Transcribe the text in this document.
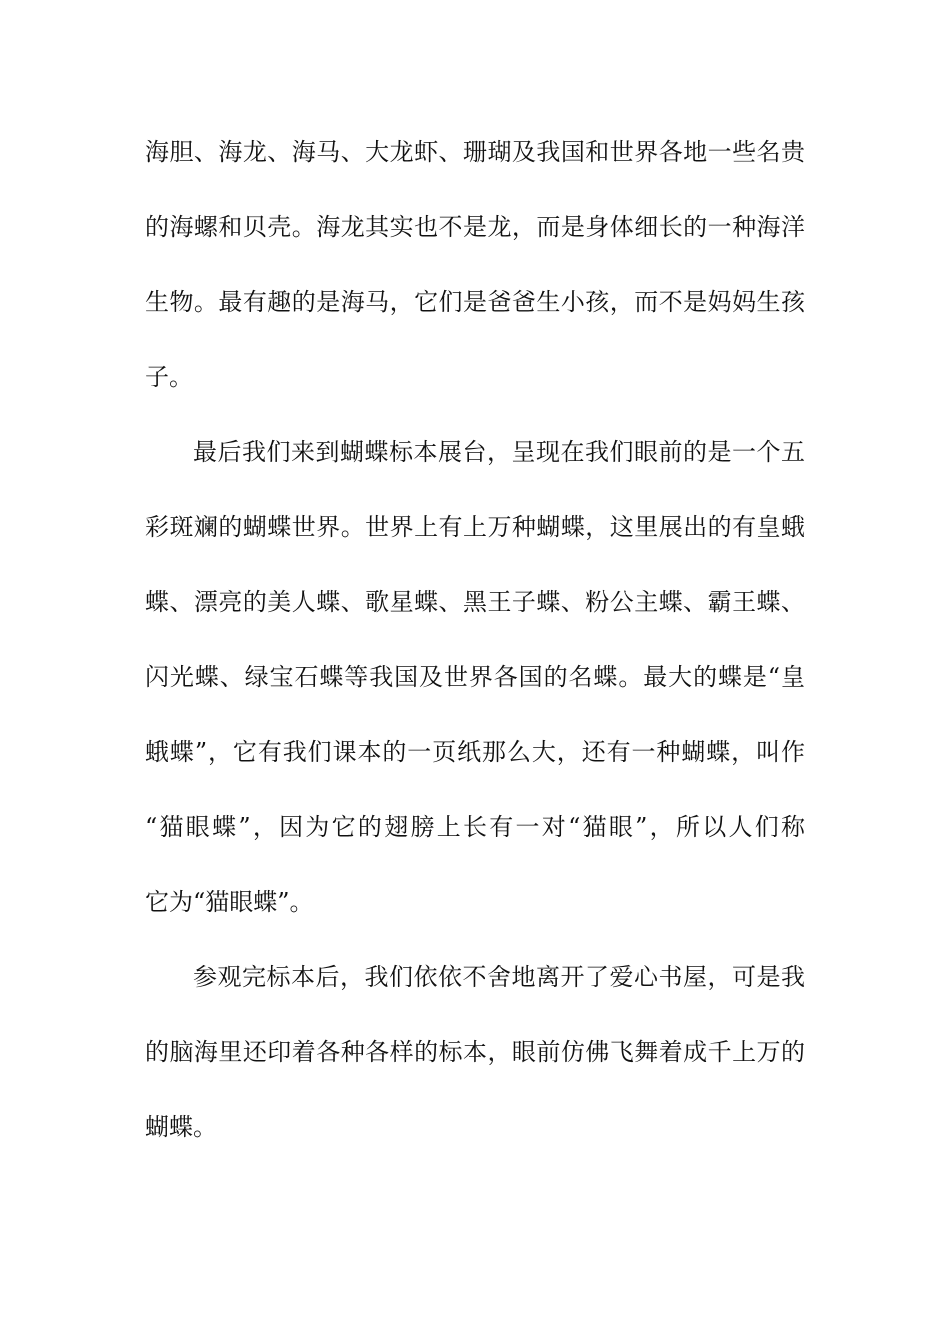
海胆、海龙、海马、大龙虾、珊瑚及我国和世界各地一些名贵
的海螺和贝壳。海龙其实也不是龙，而是身体细长的一种海洋
生物。最有趣的是海马，它们是爸爸生小孩，而不是妈妈生孩
子。
最后我们来到蝴蝶标本展台，呈现在我们眼前的是一个五
彩斑斓的蝴蝶世界。世界上有上万种蝴蝶，这里展出的有皇蛾
蝶、漂亮的美人蝶、歌星蝶、黑王子蝶、粉公主蝶、霸王蝶、
闪光蝶、绿宝石蝶等我国及世界各国的名蝶。最大的蝶是“皇
蛾蝶”，它有我们课本的一页纸那么大，还有一种蝴蝶，叫作
“猫眼蝶”，因为它的翅膀上长有一对“猫眼”，所以人们称
它为“猫眼蝶”。
参观完标本后，我们依依不舍地离开了爱心书屋，可是我
的脑海里还印着各种各样的标本，眼前仿佛飞舞着成千上万的
蝴蝶。
